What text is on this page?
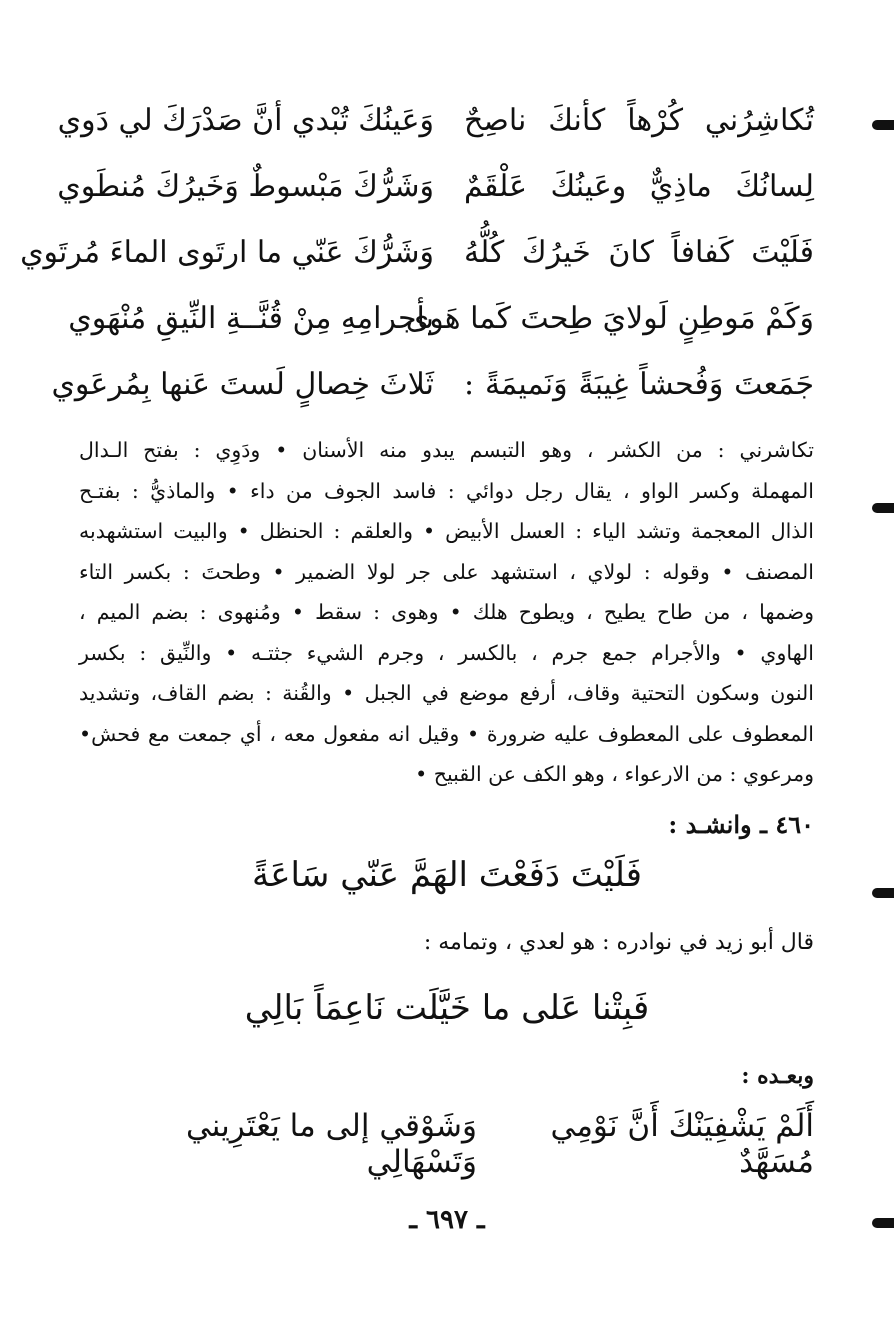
تُكاشِرُني كُرْهاً كأنكَ ناصِحٌ
وَعَينُكَ تُبْدي أنَّ صَدْرَكَ لي دَوي
لِسانُكَ ماذِيٌّ وعَينُكَ عَلْقَمٌ
وَشَرُّكَ مَبْسوطٌ وَخَيرُكَ مُنطَوي
فَلَيْتَ كَفافاً كانَ خَيرُكَ كُلُّهُ
وَشَرُّكَ عَنّي ما ارتَوى الماءَ مُرتَوي
وَكَمْ مَوطِنٍ لَولايَ طِحتَ كَما هَوى
بأجرامِهِ مِنْ قُنَّــةِ النِّيقِ مُنْهَوي
جَمَعتَ وَفُحشاً غِيبَةً وَنَميمَةً :
ثَلاثَ خِصالٍ لَستَ عَنها بِمُرعَوي

تكاشرني : من الكشر ، وهو التبسم يبدو منه الأسنان • ودَوِي : بفتح الـدال

المهملة وكسر الواو ، يقال رجل دوائي : فاسد الجوف من داء • والماذيُّ : بفتـح

الذال المعجمة وتشد الياء : العسل الأبيض • والعلقم : الحنظل • والبيت استشهدبه

المصنف • وقوله : لولاي ، استشهد على جر لولا الضمير • وطحتَ : بكسر التاء

وضمها ، من طاح يطيح ، ويطوح هلك • وهوى : سقط • ومُنهوى : بضم الميم ،

الهاوي • والأجرام جمع جرم ، بالكسر ، وجرم الشيء جثتـه • والنِّيق : بكسر

النون وسكون التحتية وقاف، أرفع موضع في الجبل • والقُنة : بضم القاف، وتشديد

المعطوف على المعطوف عليه ضرورة • وقيل انه مفعول معه ، أي جمعت مع فحش•

ومرعوي : من الارعواء ، وهو الكف عن القبيح •

٤٦٠ ـ وانشـد :
فَلَيْتَ دَفَعْتَ الهَمَّ عَنّي سَاعَةً
قال أبو زيد في نوادره : هو لعدي ، وتمامه :
فَبِتْنا عَلى ما خَيَّلَت نَاعِمَاً بَالِي
وبعـده :
أَلَمْ يَشْفِيَنْكَ أَنَّ نَوْمِي مُسَهَّدٌ
وَشَوْقي إلى ما يَعْتَرِيني وَتَسْهَالِي
ـ ٦٩٧ ـ
